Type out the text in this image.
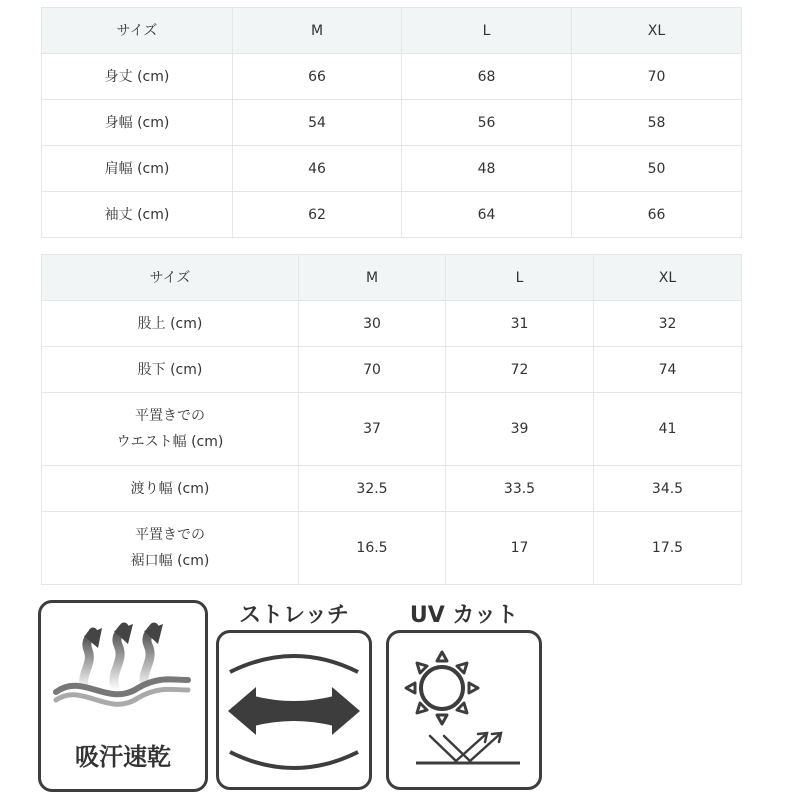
サイズ	M	L	XL
身丈 (cm)	66	68	70
身幅 (cm)	54	56	58
肩幅 (cm)	46	48	50
袖丈 (cm)	62	64	66
サイズ	M	L	XL
股上 (cm)	30	31	32
股下 (cm)	70	72	74
平置きでの
ウエスト幅 (cm)	37	39	41
渡り幅 (cm)	32.5	33.5	34.5
平置きでの
裾口幅 (cm)	16.5	17	17.5
吸汗速乾
ストレッチ	UV カット
